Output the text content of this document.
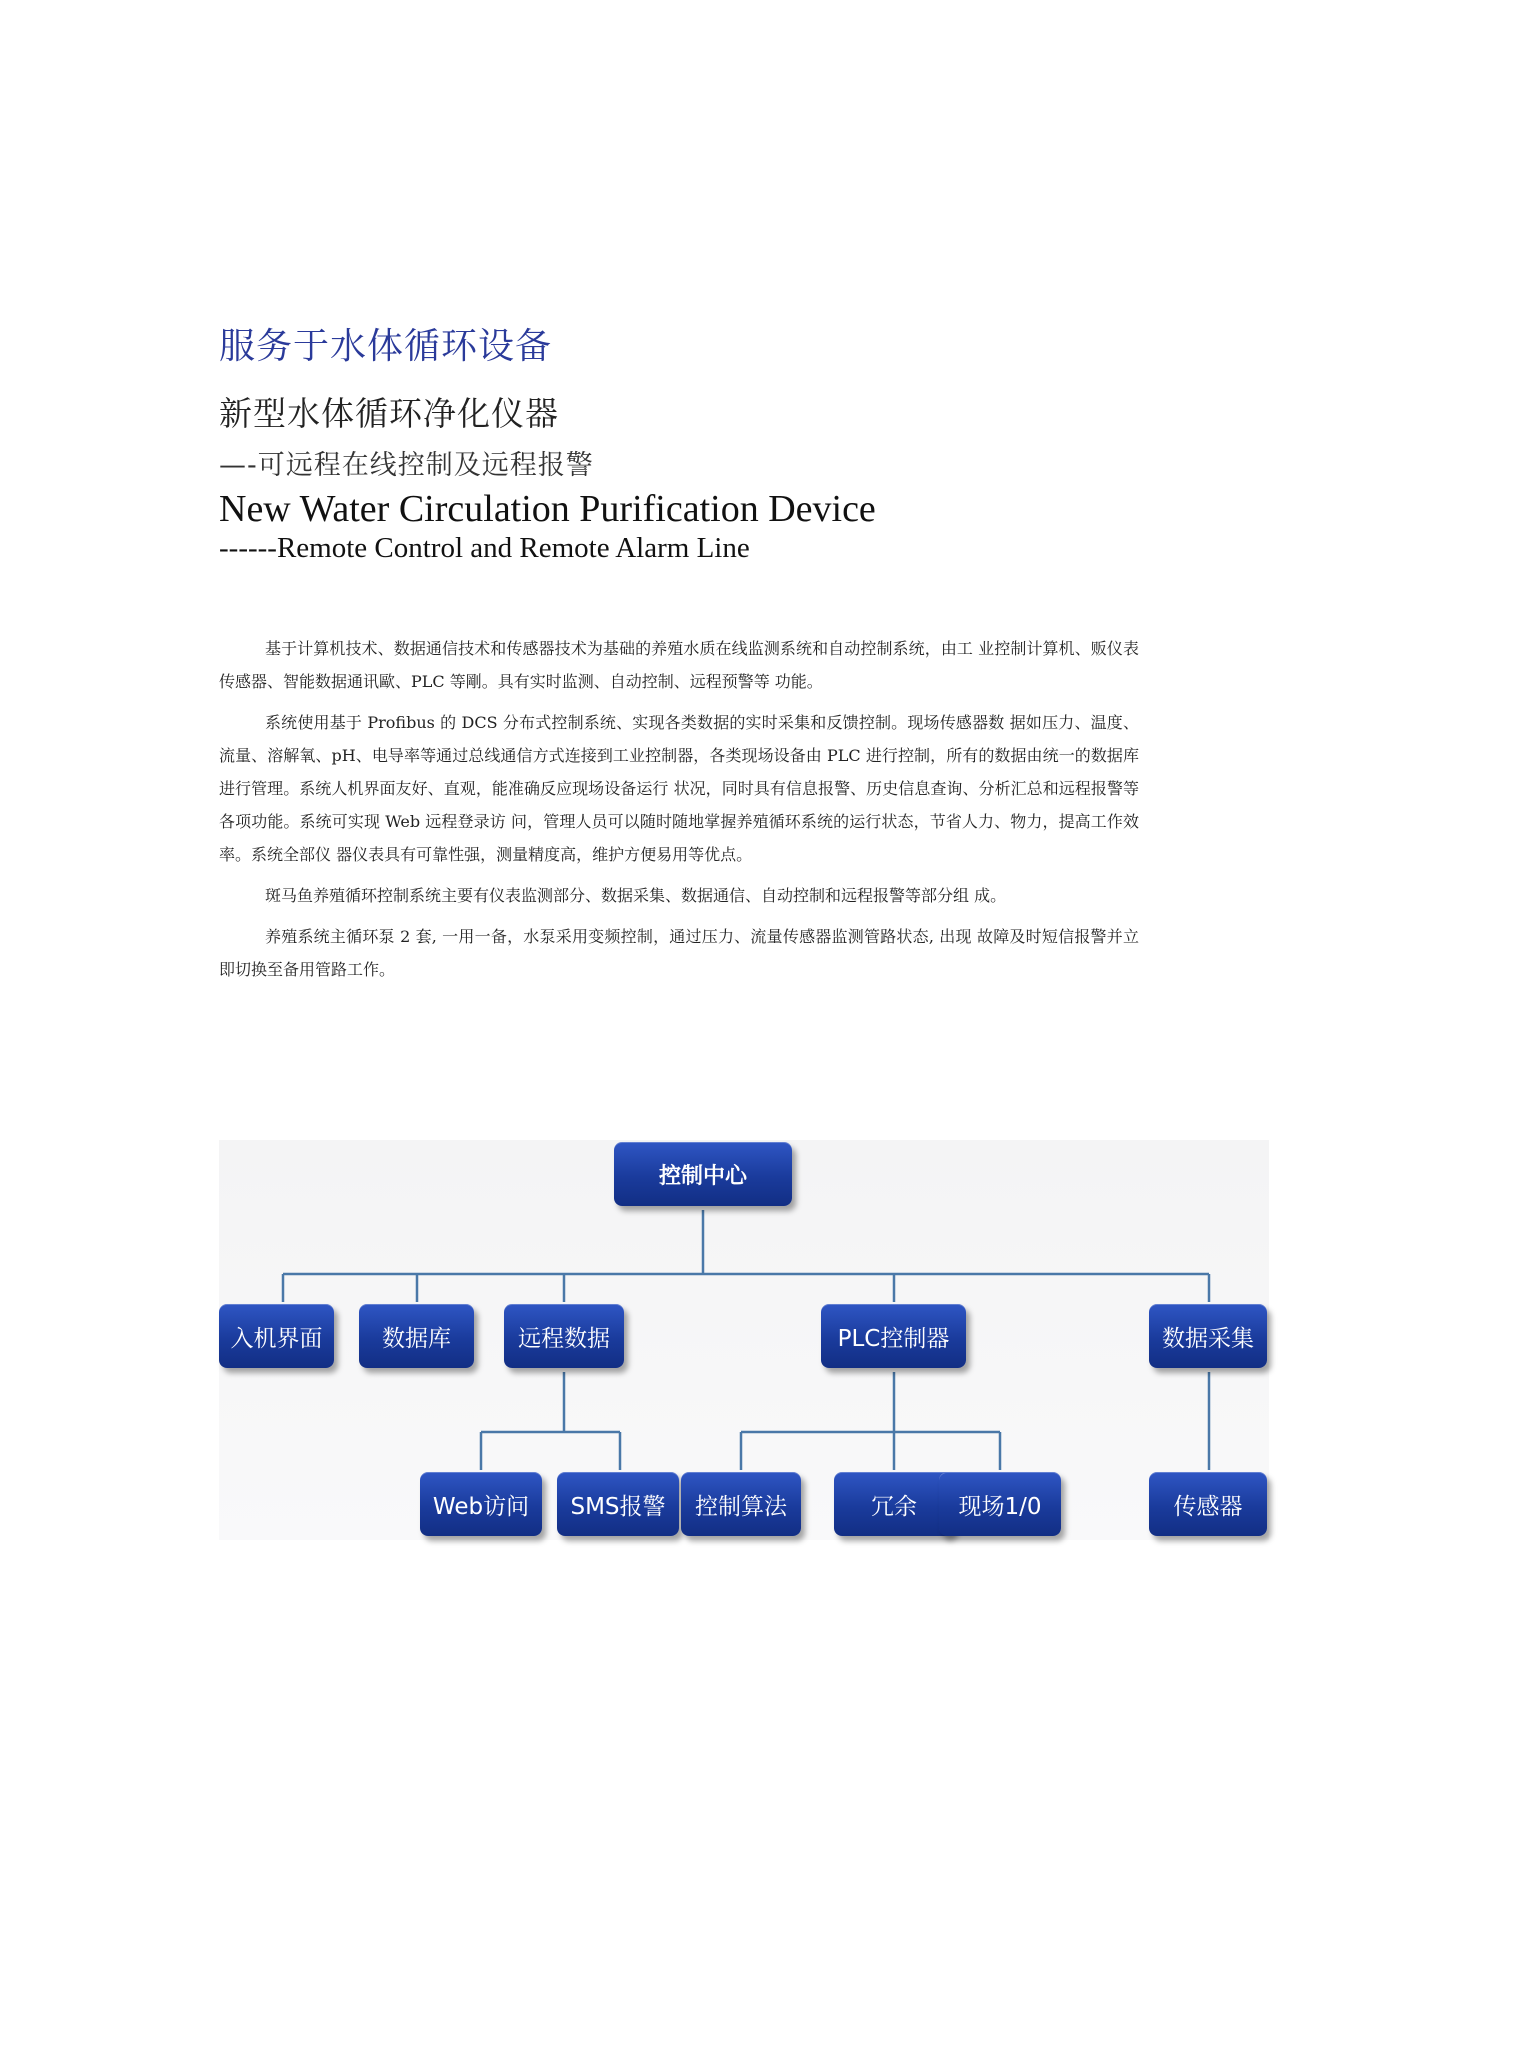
服务于水体循环设备
新型水体循环净化仪器
—-可远程在线控制及远程报警
New Water Circulation Purification Device
------Remote Control and Remote Alarm Line

基于计算机技术、数据通信技术和传感器技术为基础的养殖水质在线监测系统和自动控制系统，由工 业控制计算机、贩仪表传感器、智能数据通讯歐、PLC 等剛。具有实时监测、自动控制、远程预警等 功能。

系统使用基于 Profibus 的 DCS 分布式控制系统、实现各类数据的实时采集和反馈控制。现场传感器数 据如压力、温度、流量、溶解氧、pH、电导率等通过总线通信方式连接到工业控制器，各类现场设备由 PLC 进行控制，所有的数据由统一的数据库进行管理。系统人机界面友好、直观，能准确反应现场设备运行 状况，同时具有信息报警、历史信息查询、分析汇总和远程报警等各项功能。系统可实现 Web 远程登录访 问，管理人员可以随时随地掌握养殖循环系统的运行状态，节省人力、物力，提高工作效率。系统全部仪 器仪表具有可靠性强，测量精度高，维护方便易用等优点。

斑马鱼养殖循环控制系统主要有仪表监测部分、数据采集、数据通信、自动控制和远程报警等部分组 成。

养殖系统主循环泵 2 套, 一用一备，水泵采用变频控制，通过压力、流量传感器监测管路状态, 出现 故障及时短信报警并立即切换至备用管路工作。

控制中心
入机界面	数据库	远程数据	PLC控制器	数据采集
Web访问	SMS报警	控制算法	冗余	现场1/0	传感器
